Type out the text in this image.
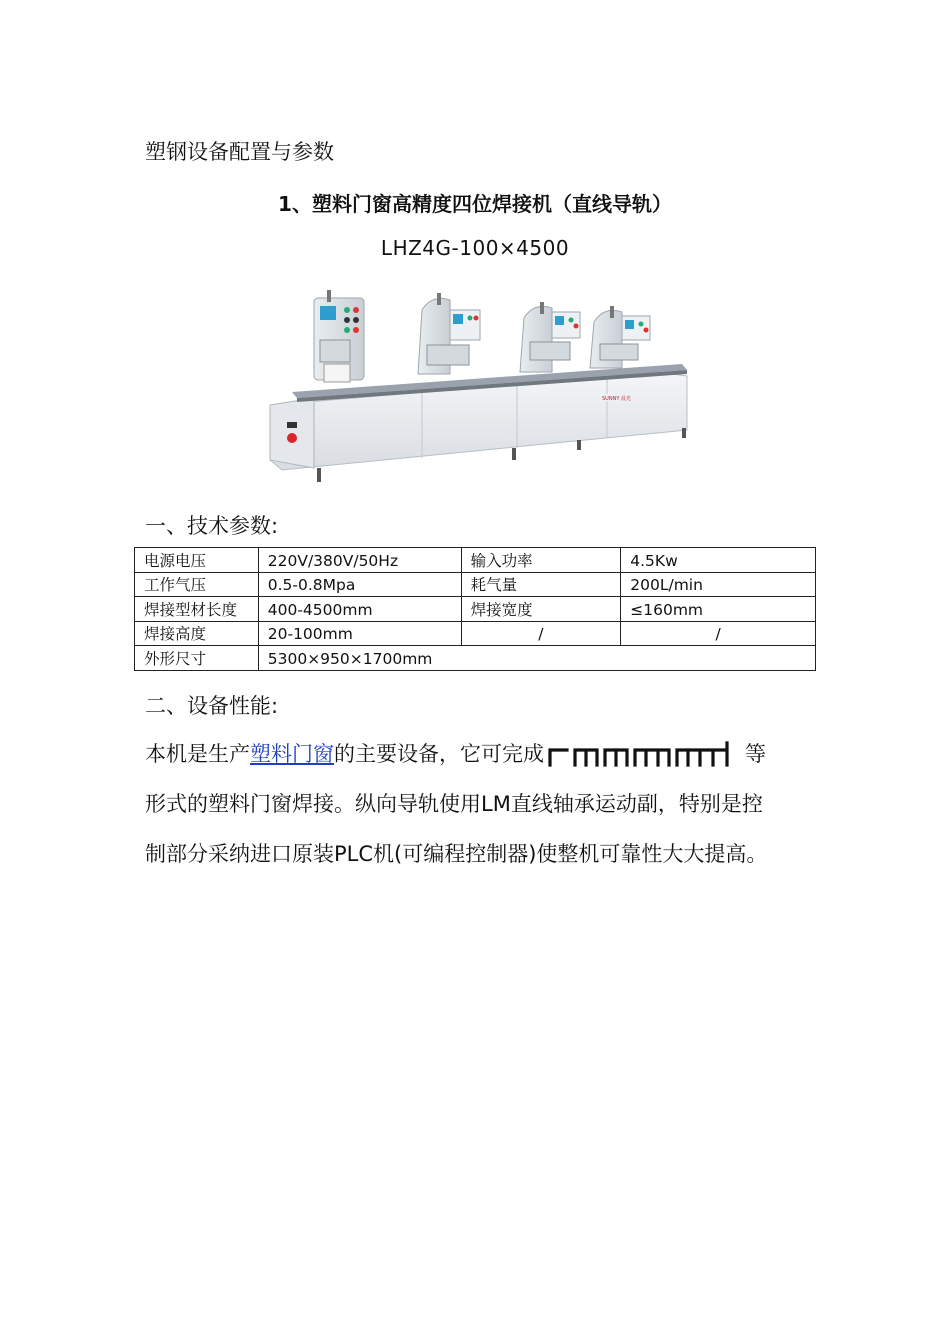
塑钢设备配置与参数
1、塑料门窗高精度四位焊接机（直线导轨）
LHZ4G-100×4500
SUNNY 晨光
一、技术参数:
电源电压	220V/380V/50Hz	输入功率	4.5Kw
工作气压	0.5-0.8Mpa	耗气量	200L/min
焊接型材长度	400-4500mm	焊接宽度	≤160mm
焊接高度	20-100mm	/	/
外形尺寸	5300×950×1700mm		
二、设备性能:
本机是生产塑料门窗的主要设备，它可完成	等
形式的塑料门窗焊接。纵向导轨使用LM直线轴承运动副，特别是控
制部分采纳进口原装PLC机(可编程控制器)使整机可靠性大大提高。
